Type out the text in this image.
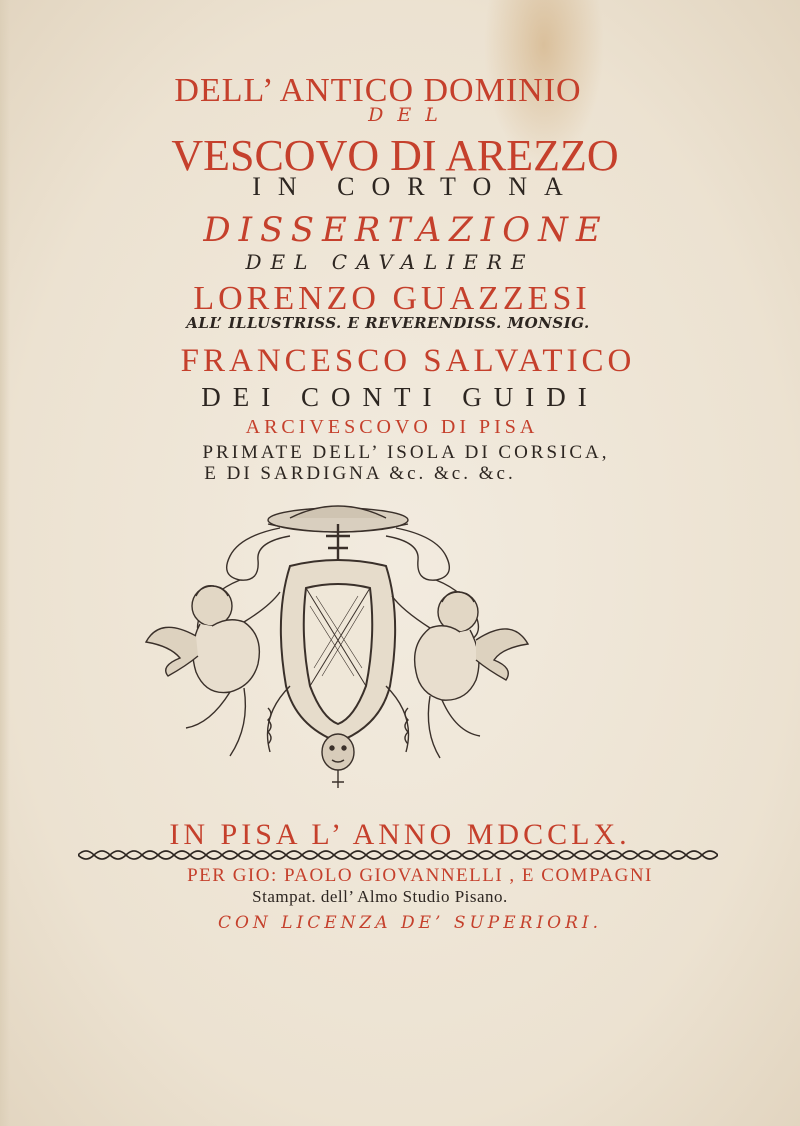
DELL’ ANTICO DOMINIO
DEL
VESCOVO DI AREZZO
IN CORTONA
DISSERTAZIONE
DEL CAVALIERE
LORENZO GUAZZESI
ALL’ ILLUSTRISS. E REVERENDISS. MONSIG.
FRANCESCO SALVATICO
DEI CONTI GUIDI
ARCIVESCOVO DI PISA
PRIMATE DELL’ ISOLA DI CORSICA,
E DI SARDIGNA &c. &c. &c.
IN PISA L’ ANNO MDCCLX.
PER GIO: PAOLO GIOVANNELLI , E COMPAGNI
Stampat. dell’ Almo Studio Pisano.
CON LICENZA DE’ SUPERIORI.
